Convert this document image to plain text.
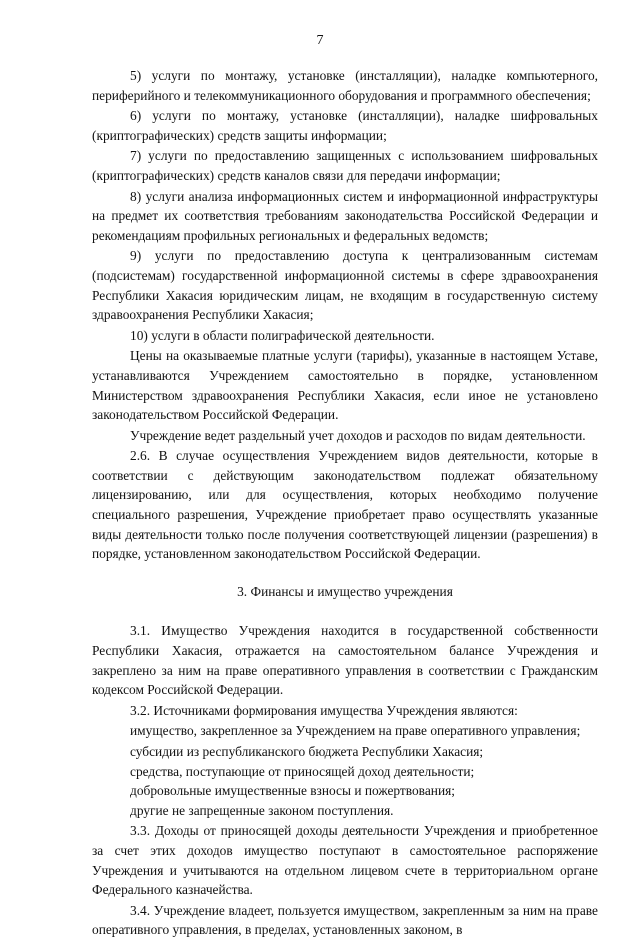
7

5) услуги по монтажу, установке (инсталляции), наладке компьютерного, периферийного и телекоммуникационного оборудования и программного обеспечения;

6) услуги по монтажу, установке (инсталляции), наладке шифровальных (криптографических) средств защиты информации;

7) услуги по предоставлению защищенных с использованием шифровальных (криптографических) средств каналов связи для передачи информации;

8) услуги анализа информационных систем и информационной инфраструктуры на предмет их соответствия требованиям законодательства Российской Федерации и рекомендациям профильных региональных и федеральных ведомств;

9) услуги по предоставлению доступа к централизованным системам (подсистемам) государственной информационной системы в сфере здравоохранения Республики Хакасия юридическим лицам, не входящим в государственную систему здравоохранения Республики Хакасия;

10) услуги в области полиграфической деятельности.

Цены на оказываемые платные услуги (тарифы), указанные в настоящем Уставе, устанавливаются Учреждением самостоятельно в порядке, установленном Министерством здравоохранения Республики Хакасия, если иное не установлено законодательством Российской Федерации.

Учреждение ведет раздельный учет доходов и расходов по видам деятельности.

2.6. В случае осуществления Учреждением видов деятельности, которые в соответствии с действующим законодательством подлежат обязательному лицензированию, или для осуществления, которых необходимо получение специального разрешения, Учреждение приобретает право осуществлять указанные виды деятельности только после получения соответствующей лицензии (разрешения) в порядке, установленном законодательством Российской Федерации.

3. Финансы и имущество учреждения

3.1. Имущество Учреждения находится в государственной собственности Республики Хакасия, отражается на самостоятельном балансе Учреждения и закреплено за ним на праве оперативного управления в соответствии с Гражданским кодексом Российской Федерации.

3.2. Источниками формирования имущества Учреждения являются:

имущество, закрепленное за Учреждением на праве оперативного управления;

субсидии из республиканского бюджета Республики Хакасия;

средства, поступающие от приносящей доход деятельности;

добровольные имущественные взносы и пожертвования;

другие не запрещенные законом поступления.

3.3. Доходы от приносящей доходы деятельности Учреждения и приобретенное за счет этих доходов имущество поступают в самостоятельное распоряжение Учреждения и учитываются на отдельном лицевом счете в территориальном органе Федерального казначейства.

3.4. Учреждение владеет, пользуется имуществом, закрепленным за ним на праве оперативного управления, в пределах, установленных законом, в
